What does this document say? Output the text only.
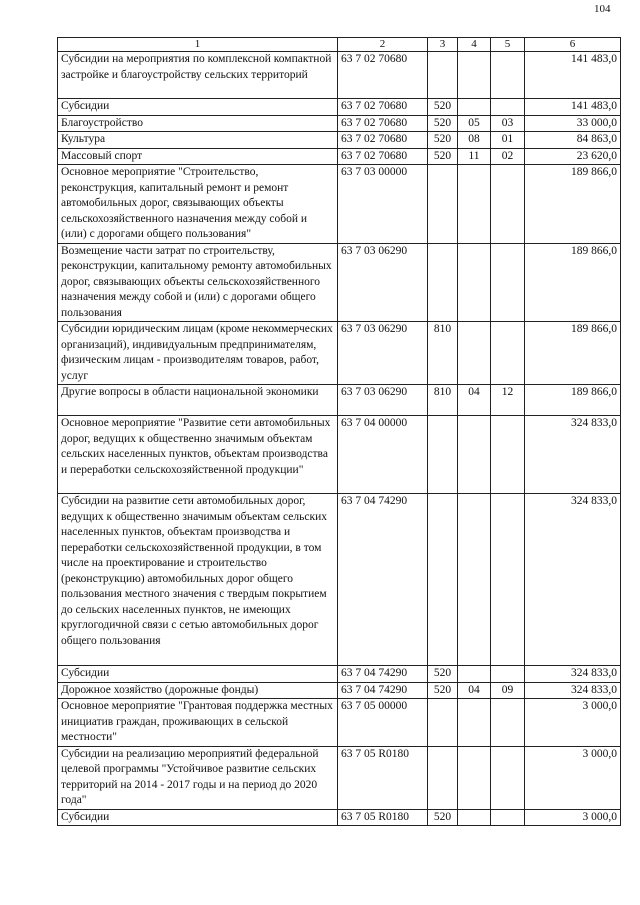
104
1	2	3	4	5	6
Субсидии на мероприятия по комплексной компактной застройке и благоустройству сельских территорий	63 7 02 70680				141 483,0
Субсидии	63 7 02 70680	520			141 483,0
Благоустройство	63 7 02 70680	520	05	03	33 000,0
Культура	63 7 02 70680	520	08	01	84 863,0
Массовый спорт	63 7 02 70680	520	11	02	23 620,0
Основное мероприятие "Строительство, реконструкция, капитальный ремонт и ремонт автомобильных дорог, связывающих объекты сельскохозяйственного назначения между собой и (или) с дорогами общего пользования"	63 7 03 00000				189 866,0
Возмещение части затрат по строительству, реконструкции, капитальному ремонту автомобильных дорог, связывающих объекты сельскохозяйственного назначения между собой и (или) с дорогами общего пользования	63 7 03 06290				189 866,0
Субсидии юридическим лицам (кроме некоммерческих организаций), индивидуальным предпринимателям, физическим лицам - производителям товаров, работ, услуг	63 7 03 06290	810			189 866,0
Другие вопросы в области национальной экономики	63 7 03 06290	810	04	12	189 866,0
Основное мероприятие "Развитие сети автомобильных дорог, ведущих к общественно значимым объектам сельских населенных пунктов, объектам производства и переработки сельскохозяйственной продукции"	63 7 04 00000				324 833,0
Субсидии на развитие сети автомобильных дорог, ведущих к общественно значимым объектам сельских населенных пунктов, объектам производства и переработки сельскохозяйственной продукции, в том числе на проектирование и строительство (реконструкцию) автомобильных дорог общего пользования местного значения с твердым покрытием до сельских населенных пунктов, не имеющих круглогодичной связи с сетью автомобильных дорог общего пользования	63 7 04 74290				324 833,0
Субсидии	63 7 04 74290	520			324 833,0
Дорожное хозяйство (дорожные фонды)	63 7 04 74290	520	04	09	324 833,0
Основное мероприятие "Грантовая поддержка местных инициатив граждан, проживающих в сельской местности"	63 7 05 00000				3 000,0
Субсидии на реализацию мероприятий федеральной целевой программы "Устойчивое развитие сельских территорий на 2014 - 2017 годы и на период до 2020 года"	63 7 05 R0180				3 000,0
Субсидии	63 7 05 R0180	520			3 000,0
